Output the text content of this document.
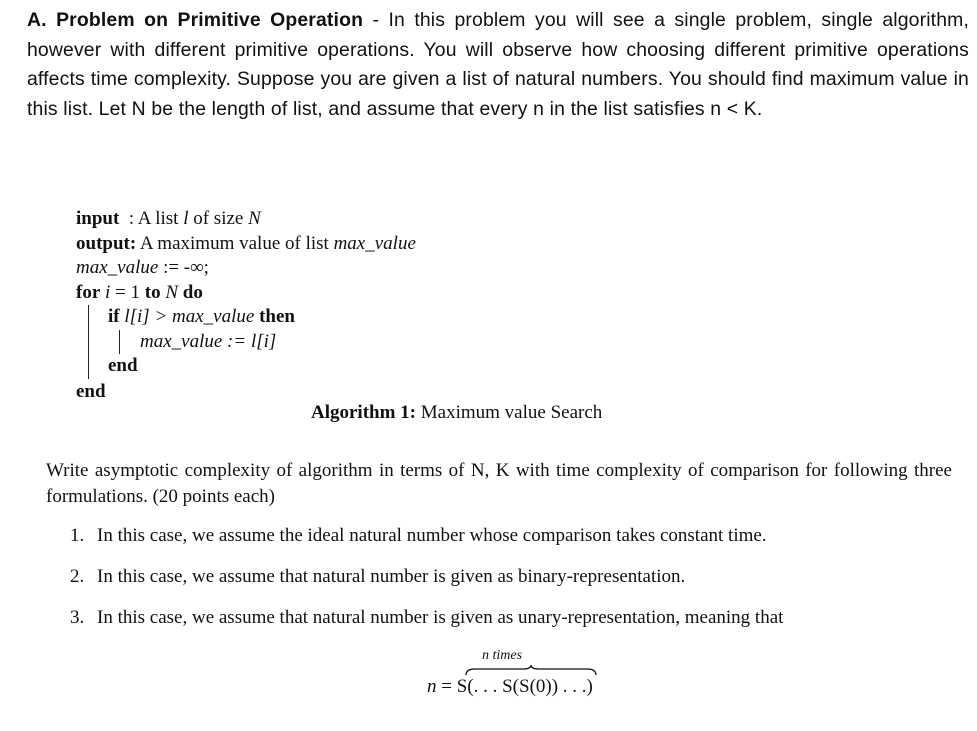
A. Problem on Primitive Operation - In this problem you will see a single problem, single algorithm, however with different primitive operations. You will observe how choosing different primitive operations affects time complexity. Suppose you are given a list of natural numbers. You should find maximum value in this list. Let N be the length of list, and assume that every n in the list satisfies n < K.
input  : A list l of size N
output: A maximum value of list max_value
max_value := -∞;
for i = 1 to N do
if l[i] > max_value then
max_value := l[i]
end
end
Algorithm 1: Maximum value Search
Write asymptotic complexity of algorithm in terms of N, K with time complexity of comparison for following three formulations. (20 points each)
1. In this case, we assume the ideal natural number whose comparison takes constant time.
2. In this case, we assume that natural number is given as binary-representation.
3. In this case, we assume that natural number is given as unary-representation, meaning that
n times
n = S(. . . S(S(0)) . . .)
